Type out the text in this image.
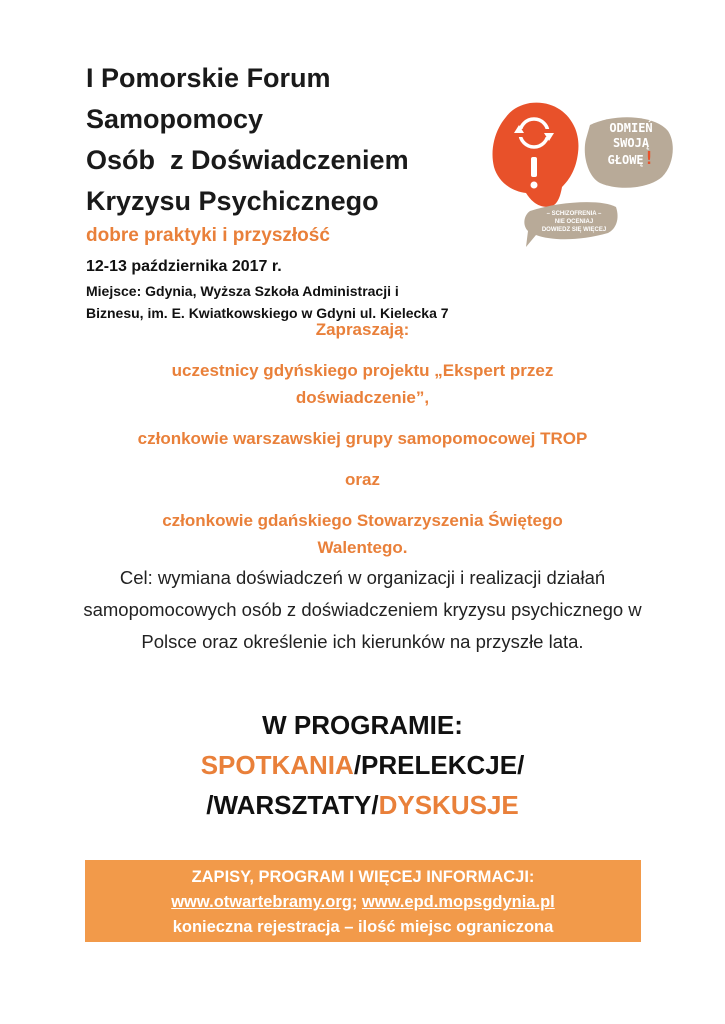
I Pomorskie Forum Samopomocy

Osób  z Doświadczeniem

Kryzysu Psychicznego

dobre praktyki i przyszłość

12-13 października 2017 r.
Miejsce: Gdynia, Wyższa Szkoła Administracji i
Biznesu, im. E. Kwiatkowskiego w Gdyni ul. Kielecka 7
ODMIEŃ
SWOJĄ
GŁOWĘ!
– SCHIZOFRENIA –
NIE OCENIAJ
DOWIEDZ SIĘ WIĘCEJ

Zapraszają:

uczestnicy gdyńskiego projektu „Ekspert przez doświadczenie”,

członkowie warszawskiej grupy samopomocowej TROP

oraz

członkowie gdańskiego Stowarzyszenia Świętego Walentego.

Cel: wymiana doświadczeń w organizacji i realizacji działań samopomocowych osób z doświadczeniem kryzysu psychicznego w Polsce oraz określenie ich kierunków na przyszłe lata.
W PROGRAMIE:
SPOTKANIA/PRELEKCJE/
/WARSZTATY/DYSKUSJE
ZAPISY, PROGRAM I WIĘCEJ INFORMACJI:
www.otwartebramy.org; www.epd.mopsgdynia.pl
konieczna rejestracja – ilość miejsc ograniczona
